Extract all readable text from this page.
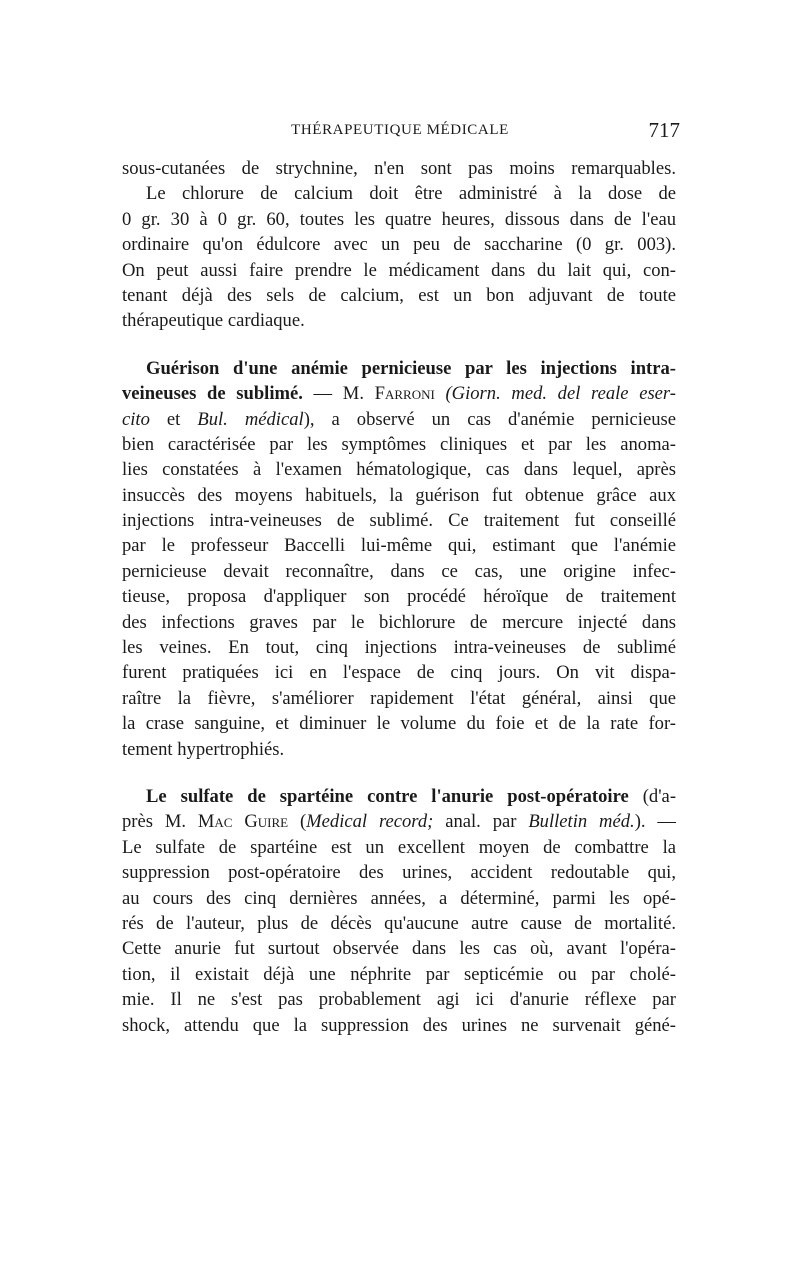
THÉRAPEUTIQUE MÉDICALE	717
sous-cutanées de strychnine, n'en sont pas moins remarquables.
Le chlorure de calcium doit être administré à la dose de
0 gr. 30 à 0 gr. 60, toutes les quatre heures, dissous dans de l'eau
ordinaire qu'on édulcore avec un peu de saccharine (0 gr. 003).
On peut aussi faire prendre le médicament dans du lait qui, con-
tenant déjà des sels de calcium, est un bon adjuvant de toute
thérapeutique cardiaque.
Guérison d'une anémie pernicieuse par les injections intra-
veineuses de sublimé. — M. Farroni (Giorn. med. del reale eser-
cito et Bul. médical), a observé un cas d'anémie pernicieuse
bien caractérisée par les symptômes cliniques et par les anoma-
lies constatées à l'examen hématologique, cas dans lequel, après
insuccès des moyens habituels, la guérison fut obtenue grâce aux
injections intra-veineuses de sublimé. Ce traitement fut conseillé
par le professeur Baccelli lui-même qui, estimant que l'anémie
pernicieuse devait reconnaître, dans ce cas, une origine infec-
tieuse, proposa d'appliquer son procédé héroïque de traitement
des infections graves par le bichlorure de mercure injecté dans
les veines. En tout, cinq injections intra-veineuses de sublimé
furent pratiquées ici en l'espace de cinq jours. On vit dispa-
raître la fièvre, s'améliorer rapidement l'état général, ainsi que
la crase sanguine, et diminuer le volume du foie et de la rate for-
tement hypertrophiés.
Le sulfate de spartéine contre l'anurie post-opératoire (d'a-
près M. Mac Guire (Medical record; anal. par Bulletin méd.). —
Le sulfate de spartéine est un excellent moyen de combattre la
suppression post-opératoire des urines, accident redoutable qui,
au cours des cinq dernières années, a déterminé, parmi les opé-
rés de l'auteur, plus de décès qu'aucune autre cause de mortalité.
Cette anurie fut surtout observée dans les cas où, avant l'opéra-
tion, il existait déjà une néphrite par septicémie ou par cholé-
mie. Il ne s'est pas probablement agi ici d'anurie réflexe par
shock, attendu que la suppression des urines ne survenait géné-
